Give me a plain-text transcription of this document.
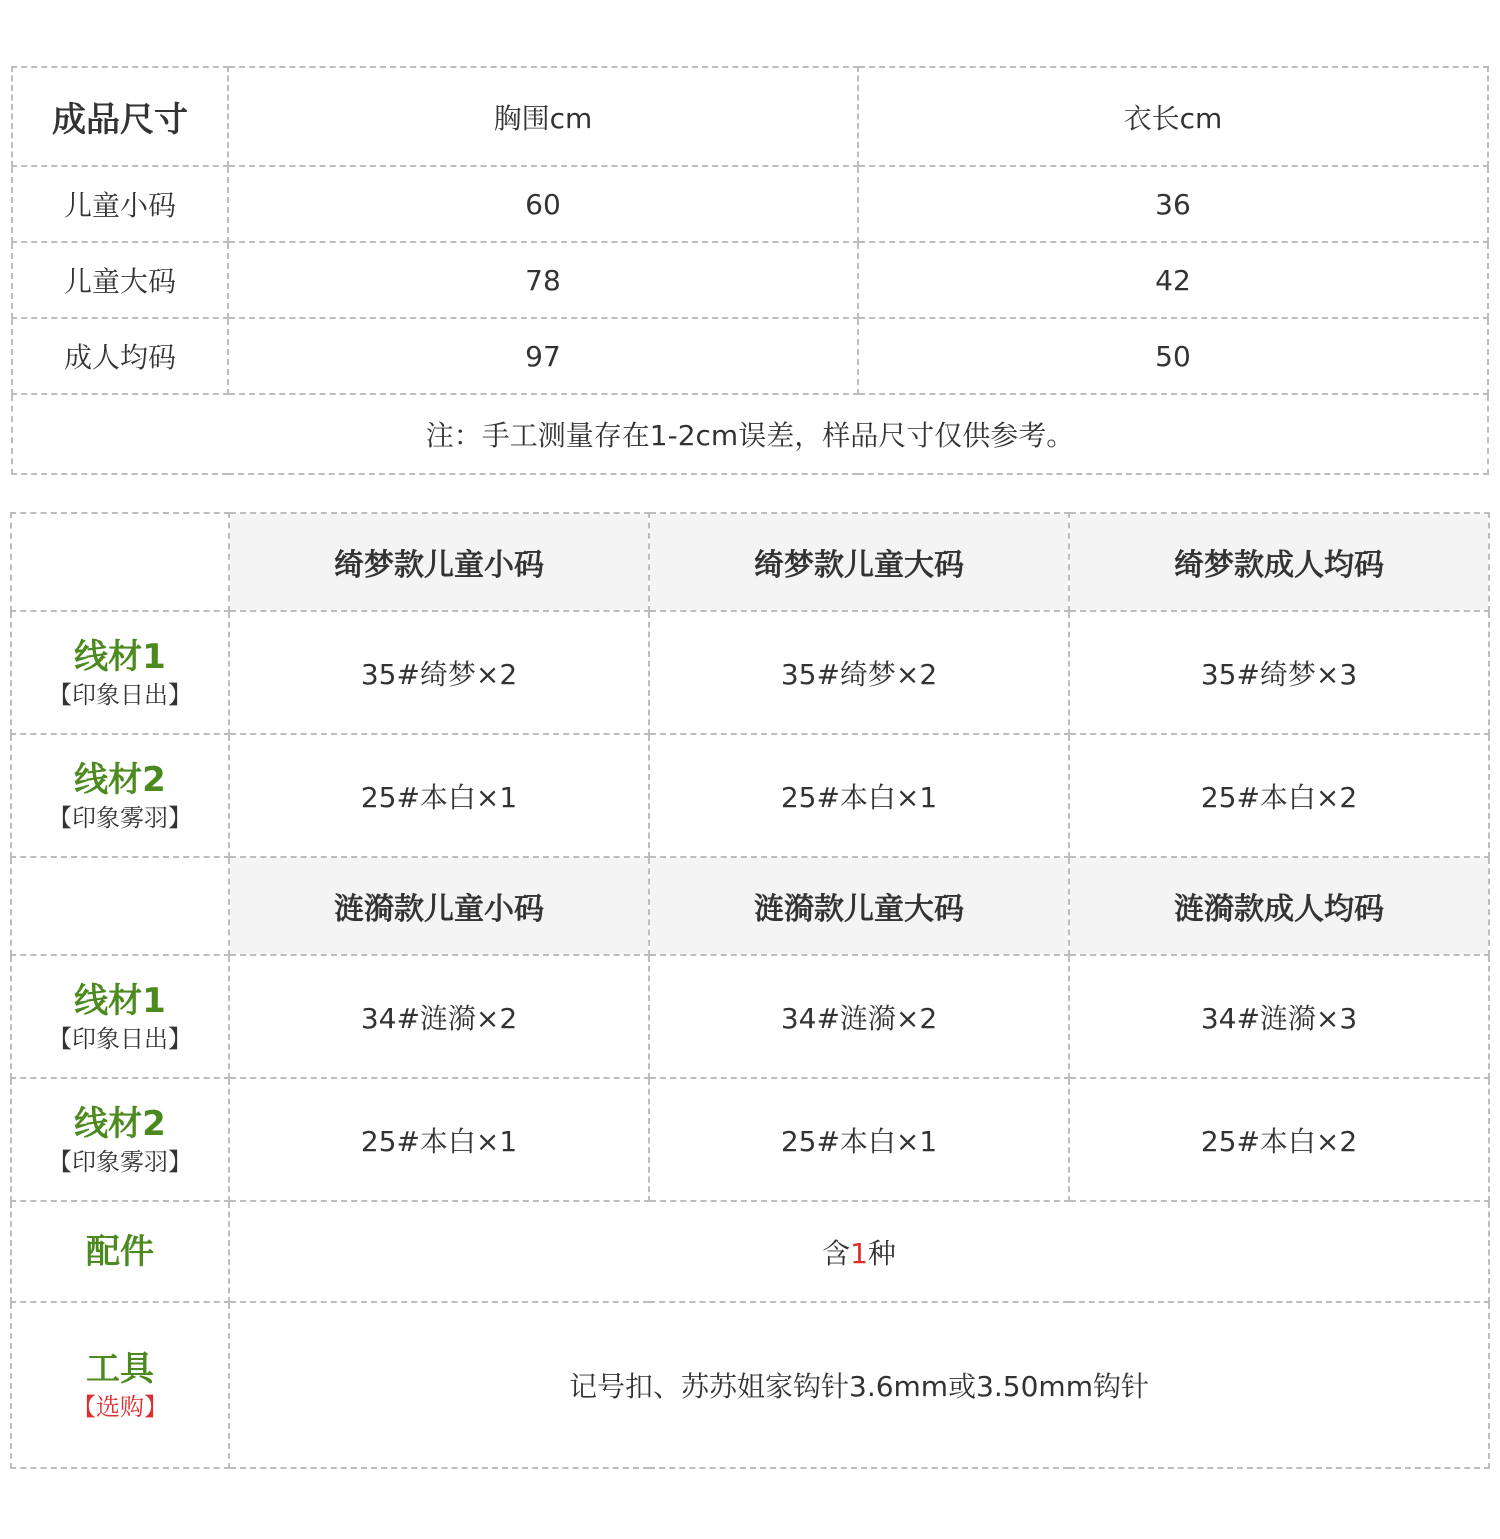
成品尺寸	胸围cm	衣长cm
儿童小码	60	36
儿童大码	78	42
成人均码	97	50
注：手工测量存在1-2cm误差，样品尺寸仅供参考。		
	绮梦款儿童小码	绮梦款儿童大码	绮梦款成人均码

线材1
【印象日出】	35#绮梦×2	35#绮梦×2	35#绮梦×3

线材2
【印象雾羽】	25#本白×1	25#本白×1	25#本白×2
	涟漪款儿童小码	涟漪款儿童大码	涟漪款成人均码

线材1
【印象日出】	34#涟漪×2	34#涟漪×2	34#涟漪×3

线材2
【印象雾羽】	25#本白×1	25#本白×1	25#本白×2

配件	含1种		

工具
【选购】	记号扣、苏苏姐家钩针3.6mm或3.50mm钩针		
